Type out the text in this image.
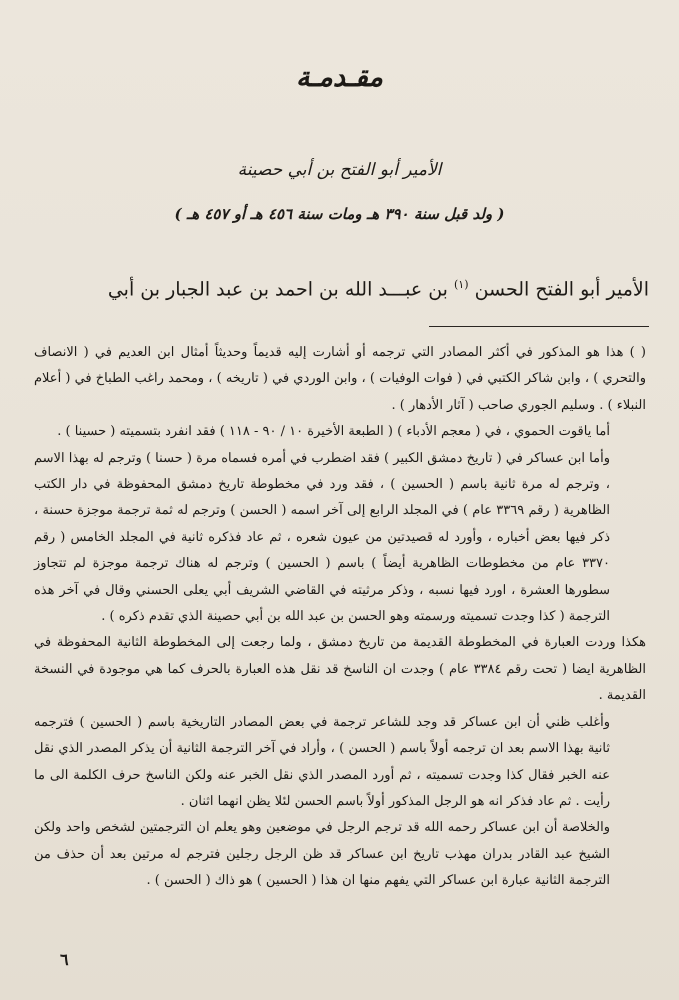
مقـدمـة
الأمير أبو الفتح بن أبي حصينة
( ولد قبل سنة ٣٩٠ هـ ومات سنة ٤٥٦ هـ أو ٤٥٧ هـ )
الأمير أبو الفتح الحسن $^{(١)}$ بن عبـــد الله بن احمد بن عبد الجبار بن أبي

( ) هذا هو المذكور في أكثر المصادر التي ترجمه أو أشارت إليه قديماً وحديثاً أمثال ابن العديم في ( الانصاف والتحري ) ، وابن شاكر الكتبي في ( فوات الوفيات ) ، وابن الوردي في ( تاريخه ) ، ومحمد راغب الطباخ في ( أعلام النبلاء ) . وسليم الجوري صاحب ( آثار الأدهار ) .

أما ياقوت الحموي ، في ( معجم الأدباء ) ( الطبعة الأخيرة ١٠ / ٩٠ - ١١٨ ) فقد انفرد بتسميته ( حسينا ) .

وأما ابن عساكر في ( تاريخ دمشق الكبير ) فقد اضطرب في أمره فسماه مرة ( حسنا ) وترجم له بهذا الاسم ، وترجم له مرة ثانية باسم ( الحسين ) ، فقد ورد في مخطوطة تاريخ دمشق المحفوظة في دار الكتب الظاهرية ( رقم ٣٣٦٩ عام ) في المجلد الرابع إلى آخر اسمه ( الحسن ) وترجم له ثمة ترجمة موجزة حسنة ، ذكر فيها بعض أخباره ، وأورد له قصيدتين من عيون شعره ، ثم عاد فذكره ثانية في المجلد الخامس ( رقم ٣٣٧٠ عام من مخطوطات الظاهرية أيضاً ) باسم ( الحسين ) وترجم له هناك ترجمة موجزة لم تتجاوز سطورها العشرة ، اورد فيها نسبه ، وذكر مرثيته في القاضي الشريف أبي يعلى الحسني وقال في آخر هذه الترجمة ( كذا وجدت تسميته ورسمته وهو الحسن بن عبد الله بن أبي حصينة الذي تقدم ذكره ) .

هكذا وردت العبارة في المخطوطة القديمة من تاريخ دمشق ، ولما رجعت إلى المخطوطة الثانية المحفوظة في الظاهرية ايضا ( تحت رقم ٣٣٨٤ عام ) وجدت ان الناسخ قد نقل هذه العبارة بالحرف كما هي موجودة في النسخة القديمة .

وأغلب ظني أن ابن عساكر قد وجد للشاعر ترجمة في بعض المصادر التاريخية باسم ( الحسين ) فترجمه ثانية بهذا الاسم بعد ان ترجمه أولاً باسم ( الحسن ) ، وأراد في آخر الترجمة الثانية أن يذكر المصدر الذي نقل عنه الخبر فقال كذا وجدت تسميته ، ثم أورد المصدر الذي نقل الخبر عنه ولكن الناسخ حرف الكلمة الى ما رأيت . ثم عاد فذكر انه هو الرجل المذكور أولاً باسم الحسن لئلا يظن انهما اثنان .

والخلاصة أن ابن عساكر رحمه الله قد ترجم الرجل في موضعين وهو يعلم ان الترجمتين لشخص واحد ولكن الشيخ عبد القادر بدران مهذب تاريخ ابن عساكر قد ظن الرجل رجلين فترجم له مرتين بعد أن حذف من الترجمة الثانية عبارة ابن عساكر التي يفهم منها ان هذا ( الحسين ) هو ذاك ( الحسن ) .

٦
